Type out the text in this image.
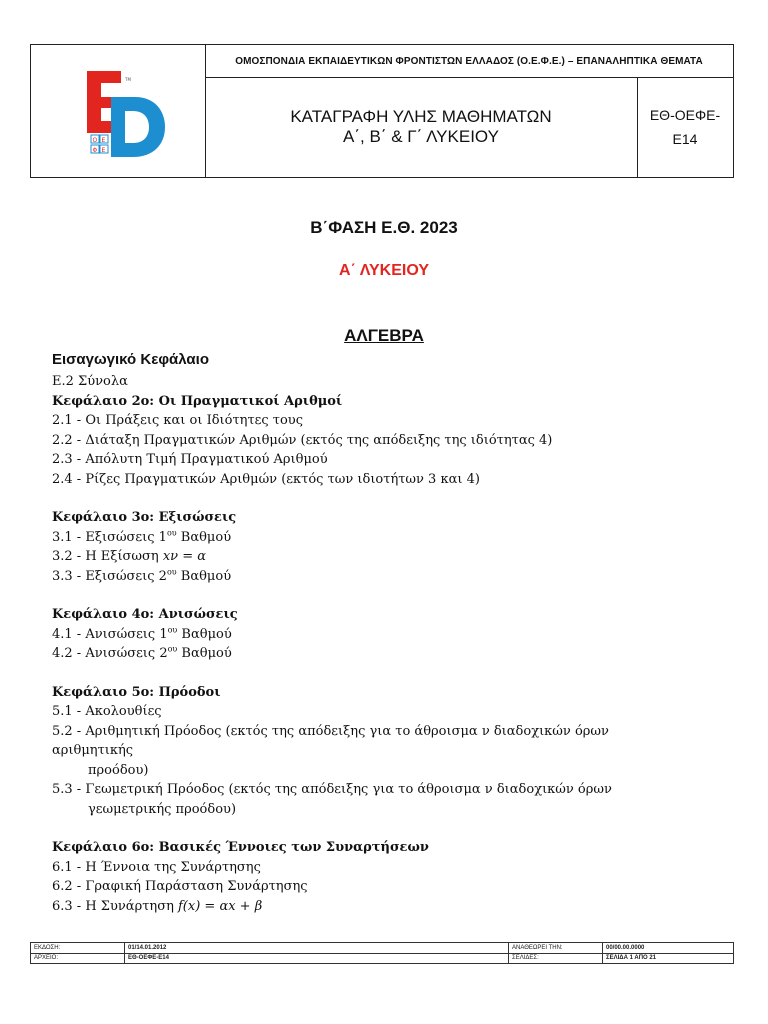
Ο Ε
Φ Ε
TM
ΟΜΟΣΠΟΝΔΙΑ ΕΚΠΑΙΔΕΥΤΙΚΩΝ ΦΡΟΝΤΙΣΤΩΝ ΕΛΛΑΔΟΣ (Ο.Ε.Φ.Ε.) – ΕΠΑΝΑΛΗΠΤΙΚΑ ΘΕΜΑΤΑ
ΚΑΤΑΓΡΑΦΗ ΥΛΗΣ ΜΑΘΗΜΑΤΩΝ
Α΄, Β΄ & Γ΄ ΛΥΚΕΙΟΥ
ΕΘ-ΟΕΦΕ-
Ε14
Β΄ΦΑΣΗ Ε.Θ. 2023
Α΄ ΛΥΚΕΙΟΥ
ΑΛΓΕΒΡΑ
Εισαγωγικό Κεφάλαιο
Ε.2 Σύνολα
Κεφάλαιο 2ο: Οι Πραγματικοί Αριθμοί
2.1 - Οι Πράξεις και οι Ιδιότητες τους
2.2 - Διάταξη Πραγματικών Αριθμών (εκτός της απόδειξης της ιδιότητας 4)
2.3 - Απόλυτη Τιμή Πραγματικού Αριθμού
2.4 - Ρίζες Πραγματικών Αριθμών (εκτός των ιδιοτήτων 3 και 4)
Κεφάλαιο 3ο: Εξισώσεις
3.1 - Εξισώσεις $1^{o\upsilon}$ Βαθμού
3.2 - Η Εξίσωση xν = α
3.3 - Εξισώσεις $2^{o\upsilon}$ Βαθμού
Κεφάλαιο 4ο: Ανισώσεις
4.1 - Ανισώσεις $1^{o\upsilon}$ Βαθμού
4.2 - Ανισώσεις $2^{o\upsilon}$ Βαθμού
Κεφάλαιο 5ο: Πρόοδοι
5.1 - Ακολουθίες
5.2 - Αριθμητική Πρόοδος (εκτός της απόδειξης για το άθροισμα ν διαδοχικών όρων
αριθμητικής
προόδου)
5.3 - Γεωμετρική Πρόοδος (εκτός της απόδειξης για το άθροισμα ν διαδοχικών όρων
γεωμετρικής προόδου)
Κεφάλαιο 6ο: Βασικές Έννοιες των Συναρτήσεων
6.1 - Η Έννοια της Συνάρτησης
6.2 - Γραφική Παράσταση Συνάρτησης
6.3 - Η Συνάρτηση f(x) = αx + β
ΕΚΔΟΣΗ:	01/14.01.2012	ΑΝΑΘΕΩΡΕΙ ΤΗΝ:	00/00.00.0000
ΑΡΧΕΙΟ:	ΕΘ-ΟΕΦΕ-Ε14	ΣΕΛΙΔΕΣ:	ΣΕΛΙΔΑ 1 ΑΠΟ 21
